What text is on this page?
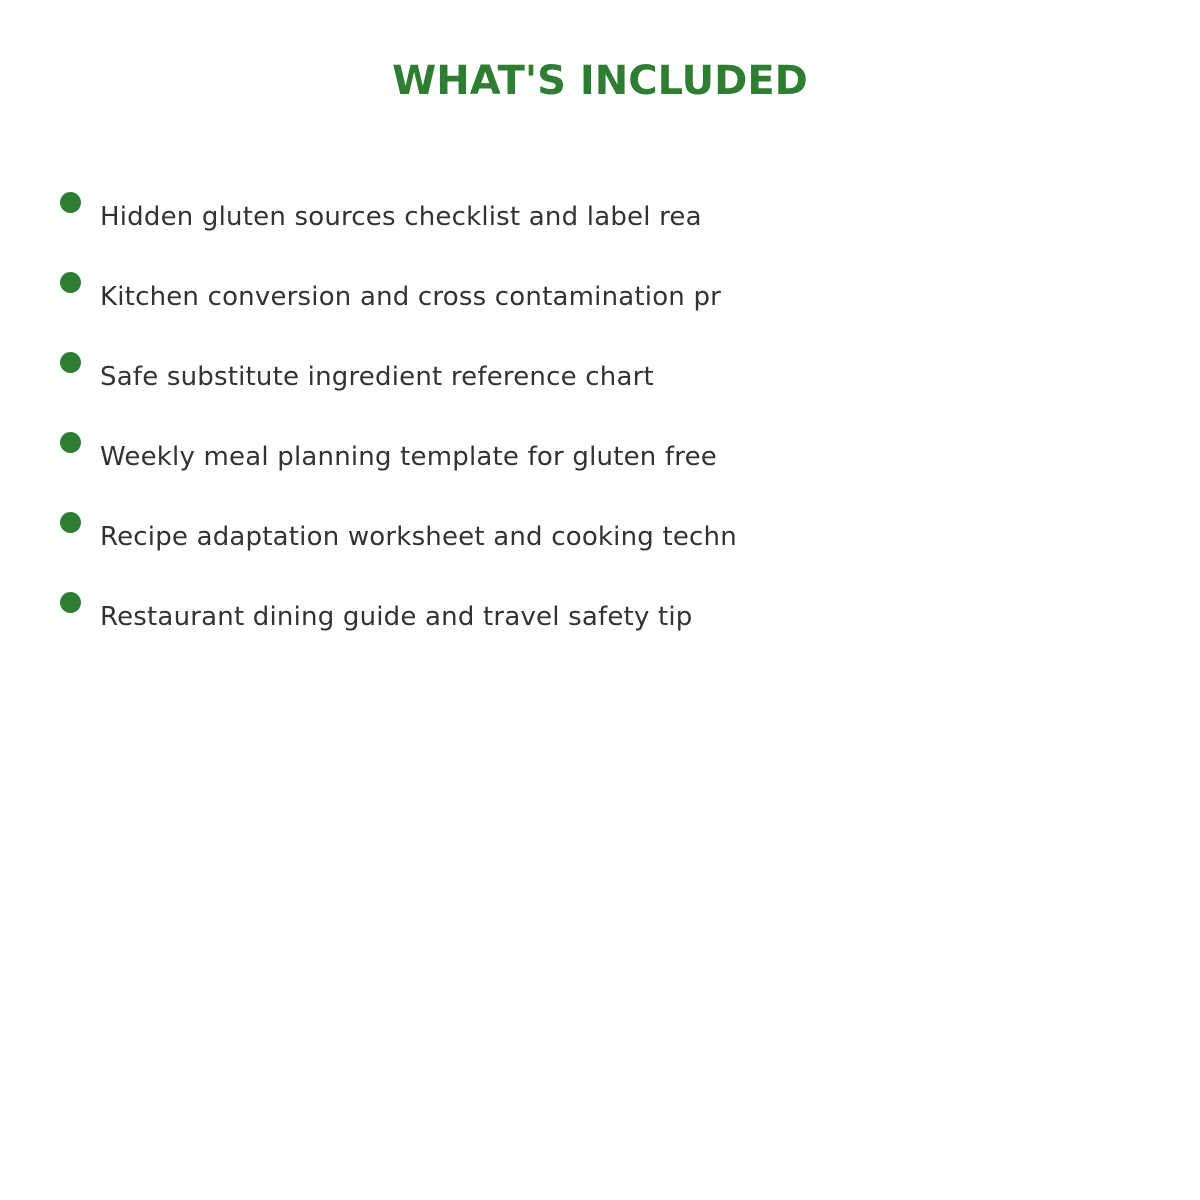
WHAT'S INCLUDED
Hidden gluten sources checklist and label rea
Kitchen conversion and cross contamination pr
Safe substitute ingredient reference chart
Weekly meal planning template for gluten free
Recipe adaptation worksheet and cooking techn
Restaurant dining guide and travel safety tip
